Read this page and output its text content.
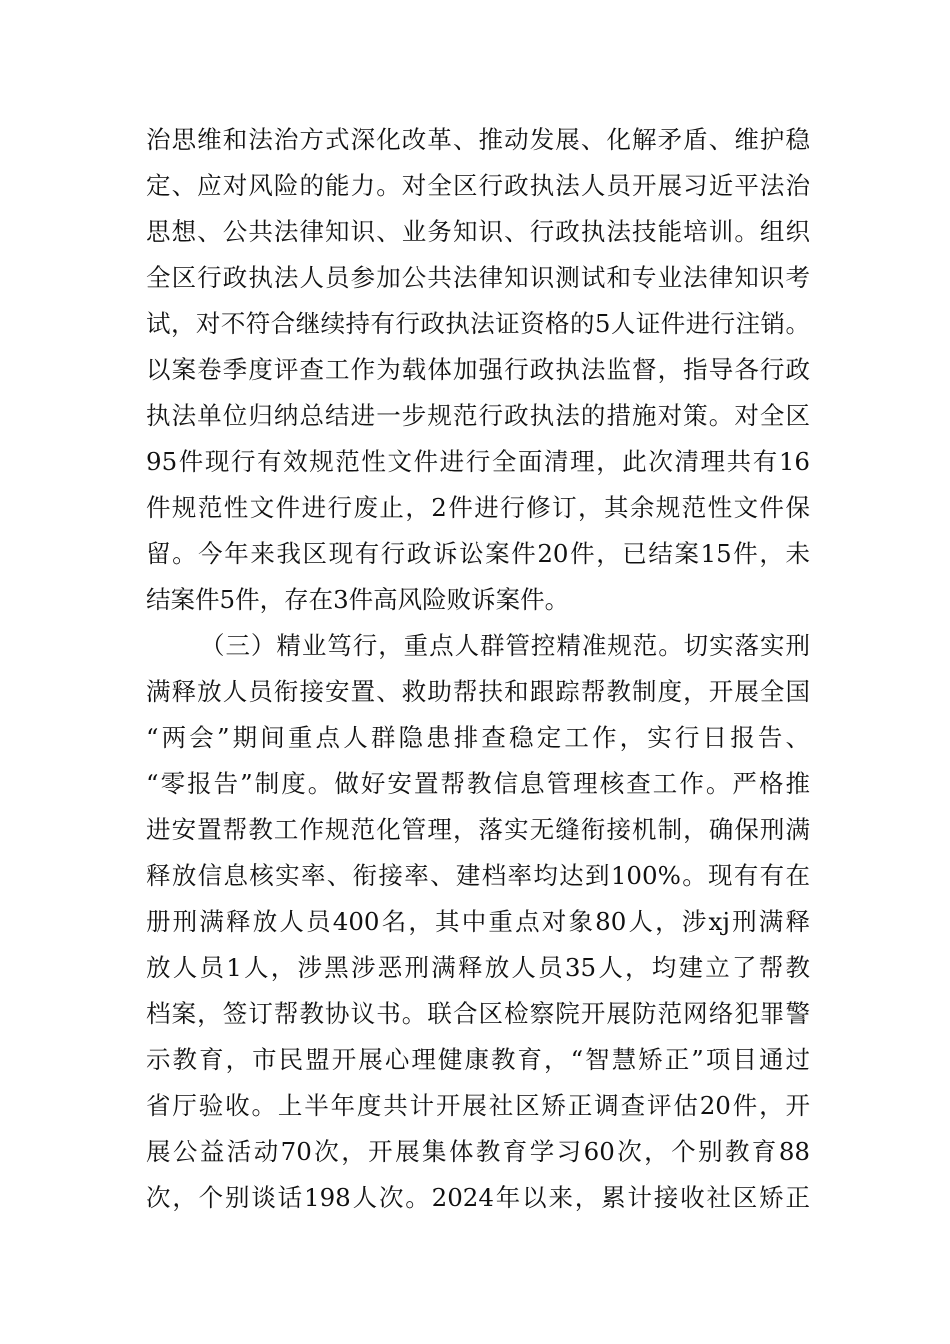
治思维和法治方式深化改革、推动发展、化解矛盾、维护稳
定、应对风险的能力。对全区行政执法人员开展习近平法治
思想、公共法律知识、业务知识、行政执法技能培训。组织
全区行政执法人员参加公共法律知识测试和专业法律知识考
试，对不符合继续持有行政执法证资格的5人证件进行注销。
以案卷季度评查工作为载体加强行政执法监督，指导各行政
执法单位归纳总结进一步规范行政执法的措施对策。对全区
95件现行有效规范性文件进行全面清理，此次清理共有16
件规范性文件进行废止，2件进行修订，其余规范性文件保
留。今年来我区现有行政诉讼案件20件，已结案15件，未
结案件5件，存在3件高风险败诉案件。
（三）精业笃行，重点人群管控精准规范。切实落实刑
满释放人员衔接安置、救助帮扶和跟踪帮教制度，开展全国
“两会”期间重点人群隐患排查稳定工作，实行日报告、
“零报告”制度。做好安置帮教信息管理核查工作。严格推
进安置帮教工作规范化管理，落实无缝衔接机制，确保刑满
释放信息核实率、衔接率、建档率均达到100%。现有有在
册刑满释放人员400名，其中重点对象80人，涉xj刑满释
放人员1人，涉黑涉恶刑满释放人员35人，均建立了帮教
档案，签订帮教协议书。联合区检察院开展防范网络犯罪警
示教育，市民盟开展心理健康教育，“智慧矫正”项目通过
省厅验收。上半年度共计开展社区矫正调查评估20件，开
展公益活动70次，开展集体教育学习60次，个别教育88
次，个别谈话198人次。2024年以来，累计接收社区矫正
